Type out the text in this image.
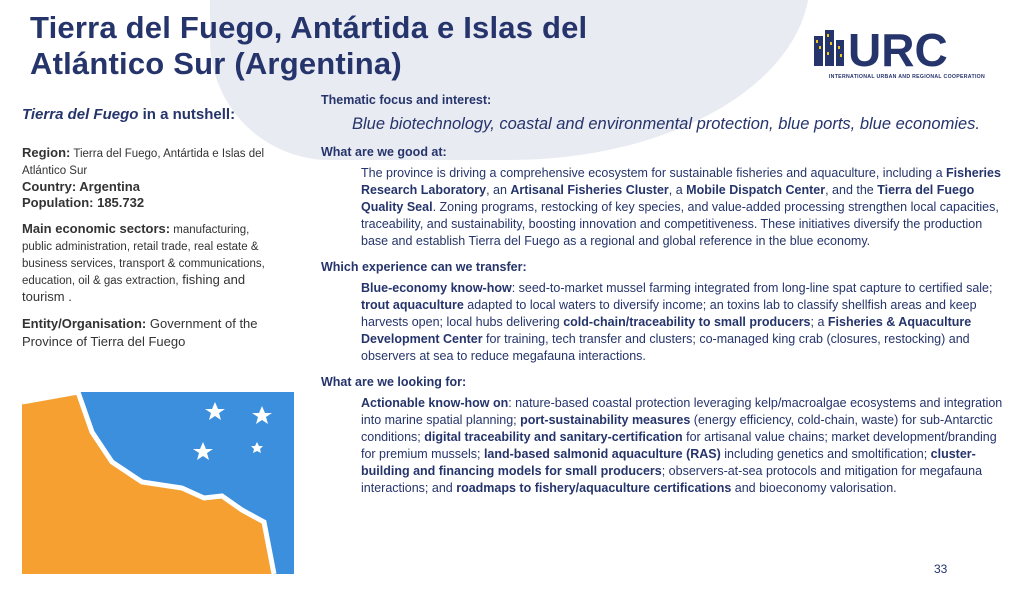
Tierra del Fuego, Antártida e Islas del
Atlántico Sur (Argentina)	URC
INTERNATIONAL URBAN AND REGIONAL COOPERATION
Tierra del Fuego in a nutshell:
Region: Tierra del Fuego, Antártida e Islas del Atlántico Sur
Country: Argentina
Population: 185.732
Main economic sectors: manufacturing, public administration, retail trade, real estate & business services, transport & communications, education, oil & gas extraction, fishing and tourism .
Entity/Organisation: Government of the Province of Tierra del Fuego

Thematic focus and interest:

Blue biotechnology, coastal and environmental protection, blue ports, blue economies.

What are we good at:

The province is driving a comprehensive ecosystem for sustainable fisheries and aquaculture, including a Fisheries Research Laboratory, an Artisanal Fisheries Cluster, a Mobile Dispatch Center, and the Tierra del Fuego Quality Seal. Zoning programs, restocking of key species, and value-added processing strengthen local capacities, traceability, and sustainability, boosting innovation and competitiveness. These initiatives diversify the production base and establish Tierra del Fuego as a regional and global reference in the blue economy.

Which experience can we transfer:

Blue-economy know-how: seed-to-market mussel farming integrated from long-line spat capture to certified sale; trout aquaculture adapted to local waters to diversify income; an toxins lab to classify shellfish areas and keep harvests open; local hubs delivering cold-chain/traceability to small producers; a Fisheries & Aquaculture Development Center for training, tech transfer and clusters; co-managed king crab (closures, restocking) and observers at sea to reduce megafauna interactions.

What are we looking for:

Actionable know-how on: nature-based coastal protection leveraging kelp/macroalgae ecosystems and integration into marine spatial planning; port-sustainability measures (energy efficiency, cold-chain, waste) for sub-Antarctic conditions; digital traceability and sanitary-certification for artisanal value chains; market development/branding for premium mussels; land-based salmonid aquaculture (RAS) including genetics and smoltification; cluster-building and financing models for small producers; observers-at-sea protocols and mitigation for megafauna interactions; and roadmaps to fishery/aquaculture certifications and bioeconomy valorisation.
33
